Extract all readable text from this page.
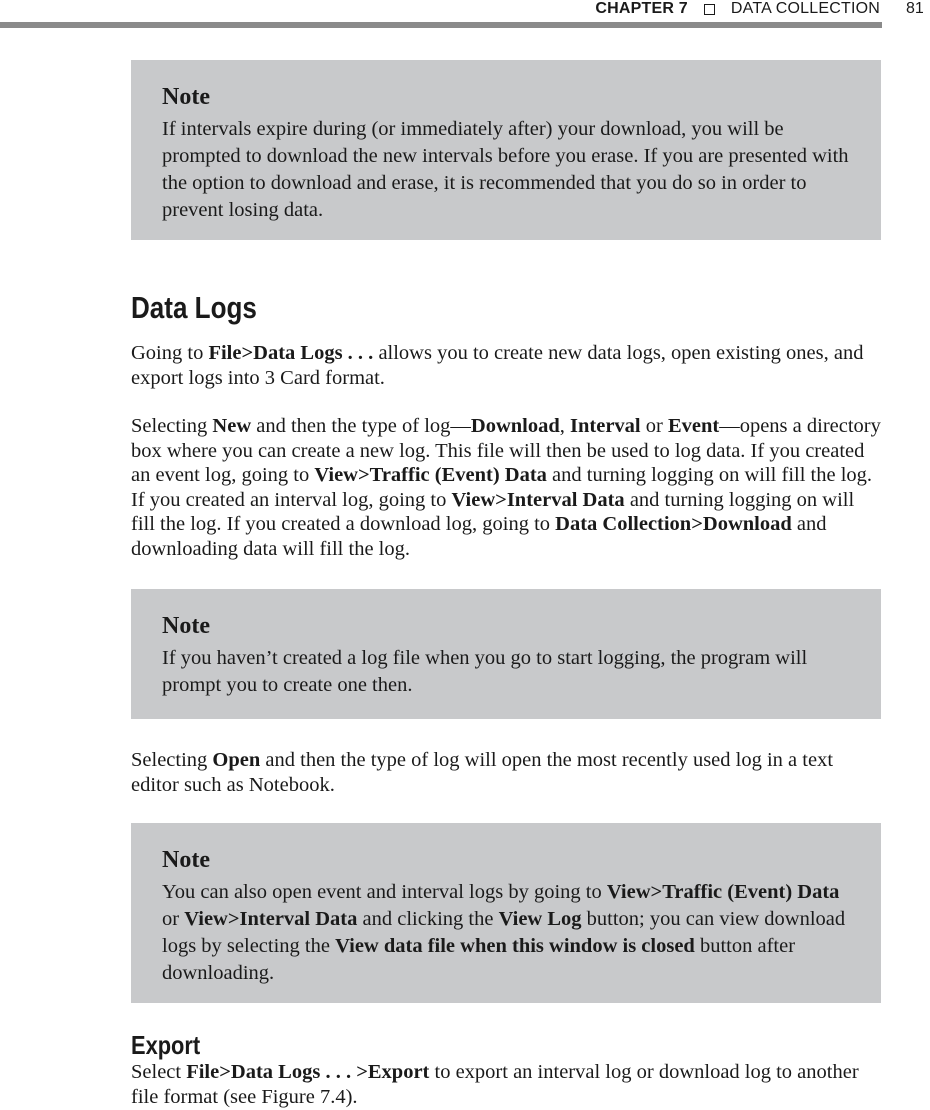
CHAPTER 7	DATA COLLECTION 81
Note
If intervals expire during (or immediately after) your download, you will be prompted to download the new intervals before you erase. If you are presented with the option to download and erase, it is recommended that you do so in order to prevent losing data.
Data Logs
Going to File>Data Logs . . . allows you to create new data logs, open existing ones, and export logs into 3 Card format.
Selecting New and then the type of log—Download, Interval or Event—opens a directory box where you can create a new log. This file will then be used to log data. If you created an event log, going to View>Traffic (Event) Data and turning logging on will fill the log. If you created an interval log, going to View>Interval Data and turning logging on will fill the log. If you created a download log, going to Data Collection>Download and downloading data will fill the log.
Note
If you haven’t created a log file when you go to start logging, the program will prompt you to create one then.
Selecting Open and then the type of log will open the most recently used log in a text editor such as Notebook.
Note
You can also open event and interval logs by going to View>Traffic (Event) Data or View>Interval Data and clicking the View Log button; you can view download logs by selecting the View data file when this window is closed button after downloading.
Export
Select File>Data Logs . . . >Export to export an interval log or download log to another file format (see Figure 7.4).
